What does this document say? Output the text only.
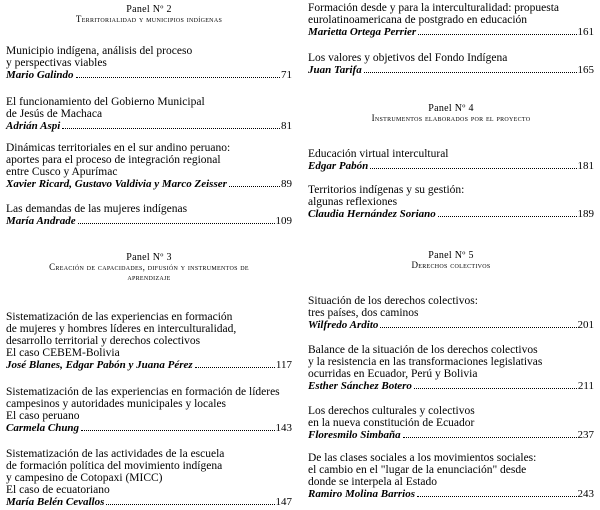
Panel Nº 2
Territorialidad y municipios indígenas
Municipio indígena, análisis del proceso
y perspectivas viables
Mario Galindo	71
El funcionamiento del Gobierno Municipal
de Jesús de Machaca
Adrián Aspi	81
Dinámicas territoriales en el sur andino peruano:
aportes para el proceso de integración regional
entre Cusco y Apurímac
Xavier Ricard, Gustavo Valdivia y Marco Zeisser	89
Las demandas de las mujeres indígenas
María Andrade	109
Panel Nº 3
Creación de capacidades, difusión y instrumentos de aprendizaje
Sistematización de las experiencias en formación
de mujeres y hombres líderes en interculturalidad,
desarrollo territorial y derechos colectivos
El caso CEBEM-Bolivia
José Blanes, Edgar Pabón y Juana Pérez	117
Sistematización de las experiencias en formación de líderes
campesinos y autoridades municipales y locales
El caso peruano
Carmela Chung	143
Sistematización de las actividades de la escuela
de formación política del movimiento indígena
y campesino de Cotopaxi (MICC)
El caso de ecuatoriano
María Belén Cevallos	147
Formación desde y para la interculturalidad: propuesta
eurolatinoamericana de postgrado en educación
Marietta Ortega Perrier	161
Los valores y objetivos del Fondo Indígena
Juan Tarifa	165
Panel Nº 4
Instrumentos elaborados por el proyecto
Educación virtual intercultural
Edgar Pabón	181
Territorios indígenas y su gestión:
algunas reflexiones
Claudia Hernández Soriano	189
Panel Nº 5
Derechos colectivos
Situación de los derechos colectivos:
tres países, dos caminos
Wilfredo Ardito	201
Balance de la situación de los derechos colectivos
y la resistencia en las transformaciones legislativas
ocurridas en Ecuador, Perú y Bolivia
Esther Sánchez Botero	211
Los derechos culturales y colectivos
en la nueva constitución de Ecuador
Floresmilo Simbaña	237
De las clases sociales a los movimientos sociales:
el cambio en el "lugar de la enunciación" desde
donde se interpela al Estado
Ramiro Molina Barrios	243
